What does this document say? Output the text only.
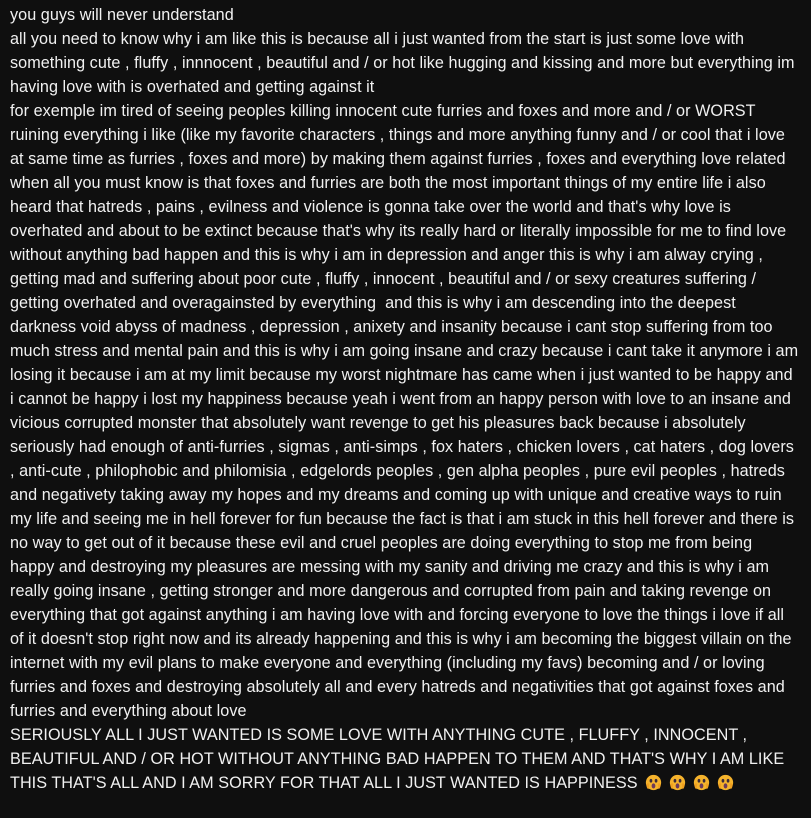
you guys will never understand
all you need to know why i am like this is because all i just wanted from the start is just some love with something cute , fluffy , innnocent , beautiful and / or hot like hugging and kissing and more but everything im having love with is overhated and getting against it
for exemple im tired of seeing peoples killing innocent cute furries and foxes and more and / or WORST ruining everything i like (like my favorite characters , things and more anything funny and / or cool that i love at same time as furries , foxes and more) by making them against furries , foxes and everything love related when all you must know is that foxes and furries are both the most important things of my entire life i also heard that hatreds , pains , evilness and violence is gonna take over the world and that's why love is overhated and about to be extinct because that's why its really hard or literally impossible for me to find love without anything bad happen and this is why i am in depression and anger this is why i am alway crying , getting mad and suffering about poor cute , fluffy , innocent , beautiful and / or sexy creatures suffering / getting overhated and overagainsted by everything  and this is why i am descending into the deepest darkness void abyss of madness , depression , anixety and insanity because i cant stop suffering from too much stress and mental pain and this is why i am going insane and crazy because i cant take it anymore i am losing it because i am at my limit because my worst nightmare has came when i just wanted to be happy and i cannot be happy i lost my happiness because yeah i went from an happy person with love to an insane and vicious corrupted monster that absolutely want revenge to get his pleasures back because i absolutely seriously had enough of anti-furries , sigmas , anti-simps , fox haters , chicken lovers , cat haters , dog lovers , anti-cute , philophobic and philomisia , edgelords peoples , gen alpha peoples , pure evil peoples , hatreds and negativety taking away my hopes and my dreams and coming up with unique and creative ways to ruin my life and seeing me in hell forever for fun because the fact is that i am stuck in this hell forever and there is no way to get out of it because these evil and cruel peoples are doing everything to stop me from being happy and destroying my pleasures are messing with my sanity and driving me crazy and this is why i am really going insane , getting stronger and more dangerous and corrupted from pain and taking revenge on everything that got against anything i am having love with and forcing everyone to love the things i love if all of it doesn't stop right now and its already happening and this is why i am becoming the biggest villain on the internet with my evil plans to make everyone and everything (including my favs) becoming and / or loving furries and foxes and destroying absolutely all and every hatreds and negativities that got against foxes and furries and everything about love
SERIOUSLY ALL I JUST WANTED IS SOME LOVE WITH ANYTHING CUTE , FLUFFY , INNOCENT , BEAUTIFUL AND / OR HOT WITHOUT ANYTHING BAD HAPPEN TO THEM AND THAT'S WHY I AM LIKE THIS THAT'S ALL AND I AM SORRY FOR THAT ALL I JUST WANTED IS HAPPINESS
